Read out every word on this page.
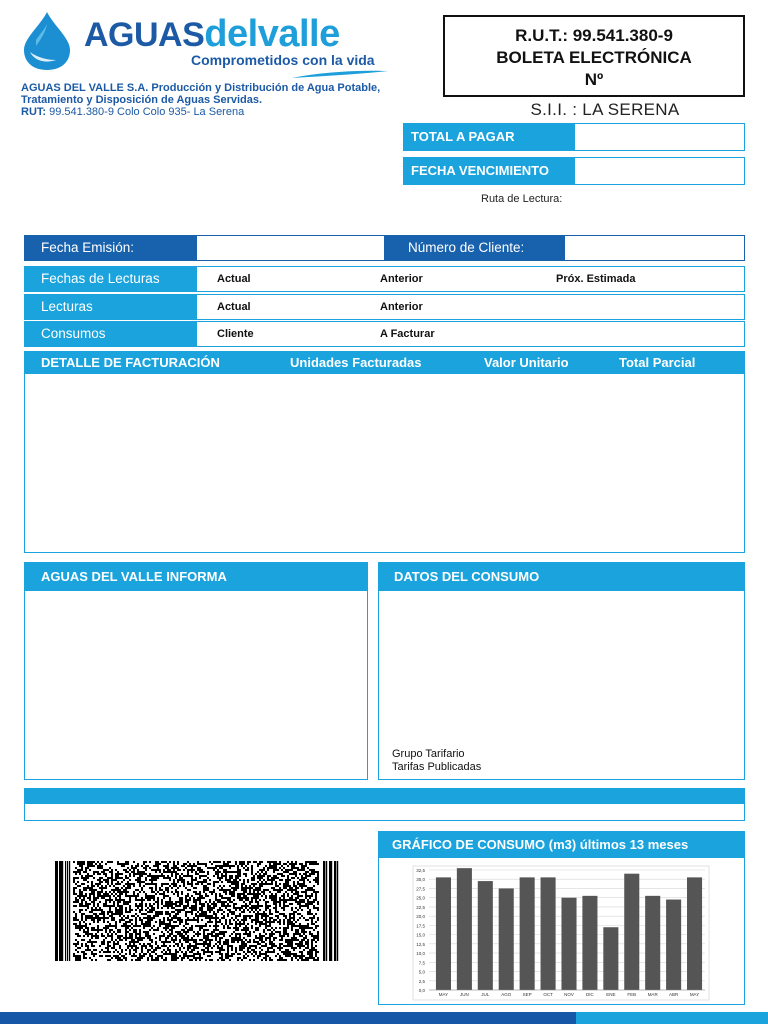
AGUASdelvalle
Comprometidos con la vida
AGUAS DEL VALLE S.A. Producción y Distribución de Agua Potable,
Tratamiento y Disposición de Aguas Servidas.
RUT: 99.541.380-9 Colo Colo 935- La Serena
R.U.T.: 99.541.380-9
BOLETA ELECTRÓNICA
Nº
S.I.I. : LA SERENA
TOTAL A PAGAR
FECHA VENCIMIENTO
Ruta de Lectura:
Fecha Emisión:	Número de Cliente:
Fechas de Lecturas	Actual	Anterior	Próx. Estimada
Lecturas	Actual	Anterior
Consumos	Cliente	A Facturar
DETALLE DE FACTURACIÓN	Unidades Facturadas	Valor Unitario	Total Parcial
AGUAS DEL VALLE INFORMA	DATOS DEL CONSUMO
Grupo Tarifario
Tarifas Publicadas
GRÁFICO DE CONSUMO (m3) últimos 13 meses
0,0
2,5
5,0
7,5
10,0
12,5
15,0
17,5
20,0
22,5
25,0
27,5
30,0
32,5
MAY	JUN	JUL	AGO	SEP	OCT	NOV	DIC	ENE	FEB	MAR	ABR	MAY
